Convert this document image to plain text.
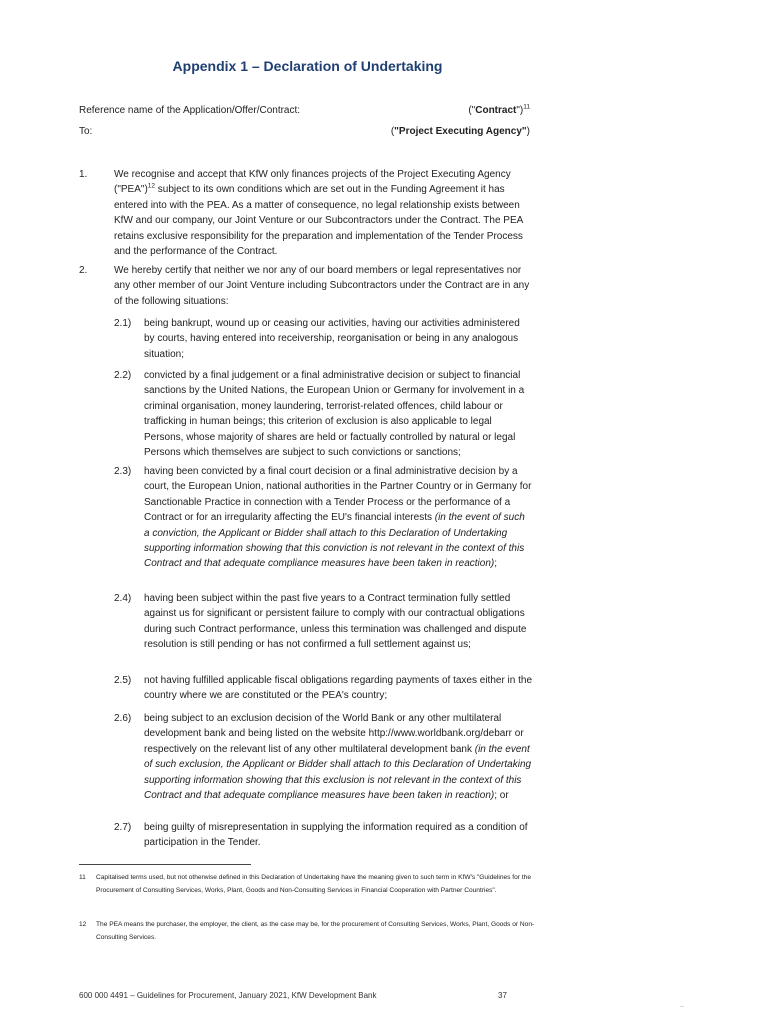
Appendix 1 – Declaration of Undertaking
Reference name of the Application/Offer/Contract:	("Contract")$^{11}$
To:	("Project Executing Agency")
1.	We recognise and accept that KfW only finances projects of the Project Executing Agency ("PEA")$^{12}$ subject to its own conditions which are set out in the Funding Agreement it has entered into with the PEA. As a matter of consequence, no legal relationship exists between KfW and our company, our Joint Venture or our Subcontractors under the Contract. The PEA retains exclusive responsibility for the preparation and implementation of the Tender Process and the performance of the Contract.
2.	We hereby certify that neither we nor any of our board members or legal representatives nor any other member of our Joint Venture including Subcontractors under the Contract are in any of the following situations:
2.1) being bankrupt, wound up or ceasing our activities, having our activities administered by courts, having entered into receivership, reorganisation or being in any analogous situation;
2.2) convicted by a final judgement or a final administrative decision or subject to financial sanctions by the United Nations, the European Union or Germany for involvement in a criminal organisation, money laundering, terrorist-related offences, child labour or trafficking in human beings; this criterion of exclusion is also applicable to legal Persons, whose majority of shares are held or factually controlled by natural or legal Persons which themselves are subject to such convictions or sanctions;
2.3) having been convicted by a final court decision or a final administrative decision by a court, the European Union, national authorities in the Partner Country or in Germany for Sanctionable Practice in connection with a Tender Process or the performance of a Contract or for an irregularity affecting the EU's financial interests (in the event of such a conviction, the Applicant or Bidder shall attach to this Declaration of Undertaking supporting information showing that this conviction is not relevant in the context of this Contract and that adequate compliance measures have been taken in reaction);
2.4) having been subject within the past five years to a Contract termination fully settled against us for significant or persistent failure to comply with our contractual obligations during such Contract performance, unless this termination was challenged and dispute resolution is still pending or has not confirmed a full settlement against us;
2.5) not having fulfilled applicable fiscal obligations regarding payments of taxes either in the country where we are constituted or the PEA's country;
2.6) being subject to an exclusion decision of the World Bank or any other multilateral development bank and being listed on the website http://www.worldbank.org/debarr or respectively on the relevant list of any other multilateral development bank (in the event of such exclusion, the Applicant or Bidder shall attach to this Declaration of Undertaking supporting information showing that this exclusion is not relevant in the context of this Contract and that adequate compliance measures have been taken in reaction); or
2.7) being guilty of misrepresentation in supplying the information required as a condition of participation in the Tender.
11 Capitalised terms used, but not otherwise defined in this Declaration of Undertaking have the meaning given to such term in KfW's "Guidelines for the Procurement of Consulting Services, Works, Plant, Goods and Non-Consulting Services in Financial Cooperation with Partner Countries".
12 The PEA means the purchaser, the employer, the client, as the case may be, for the procurement of Consulting Services, Works, Plant, Goods or Non-Consulting Services.
600 000 4491 – Guidelines for Procurement, January 2021, KfW Development Bank	37
--
